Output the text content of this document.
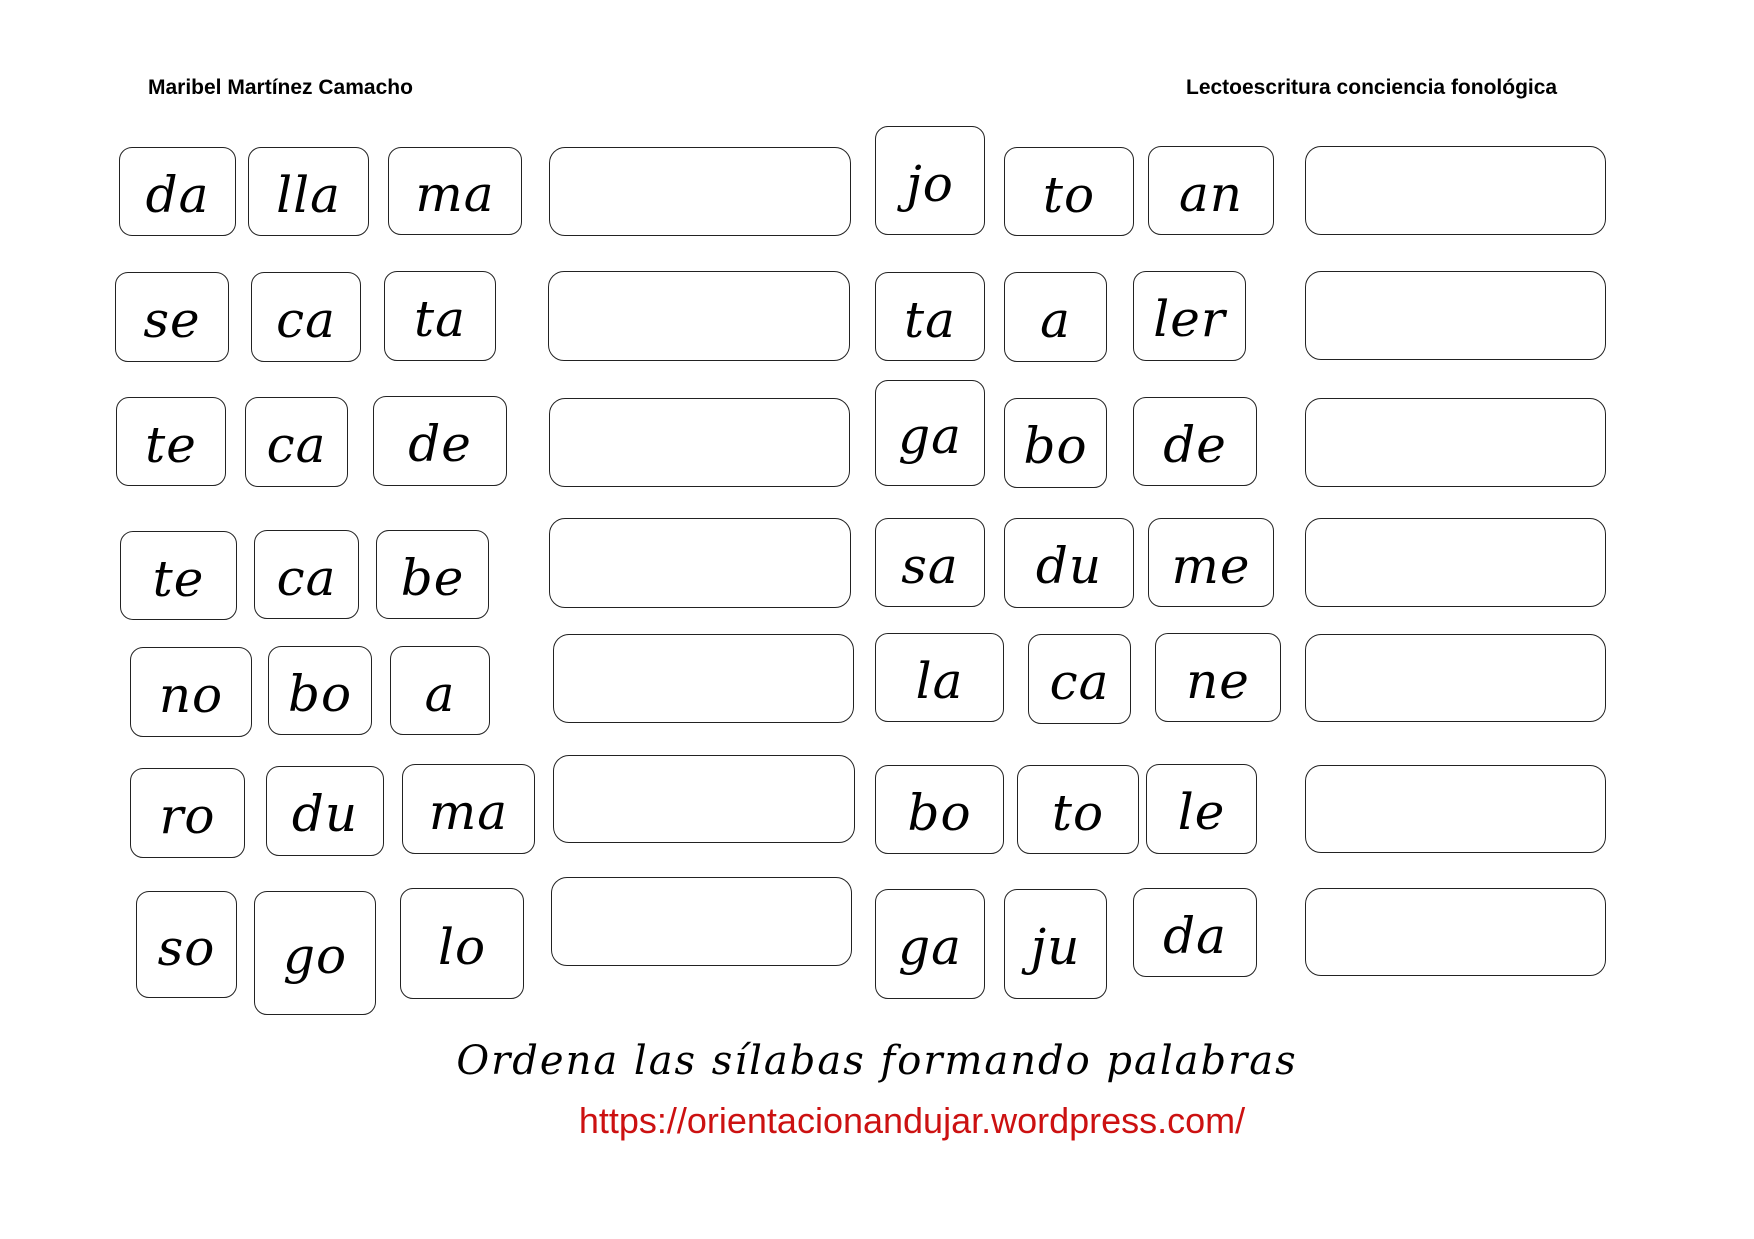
Maribel Martínez Camacho	Lectoescritura conciencia fonológica
da	lla	ma
se	ca	ta
te	ca	de
te	ca	be
no	bo	a
ro	du	ma
so	go	lo
jo	to	an
ta	a	ler
ga	bo	de
sa	du	me
la	ca	ne
bo	to	le
ga	ju	da
Ordena las sílabas formando palabras
https://orientacionandujar.wordpress.com/
